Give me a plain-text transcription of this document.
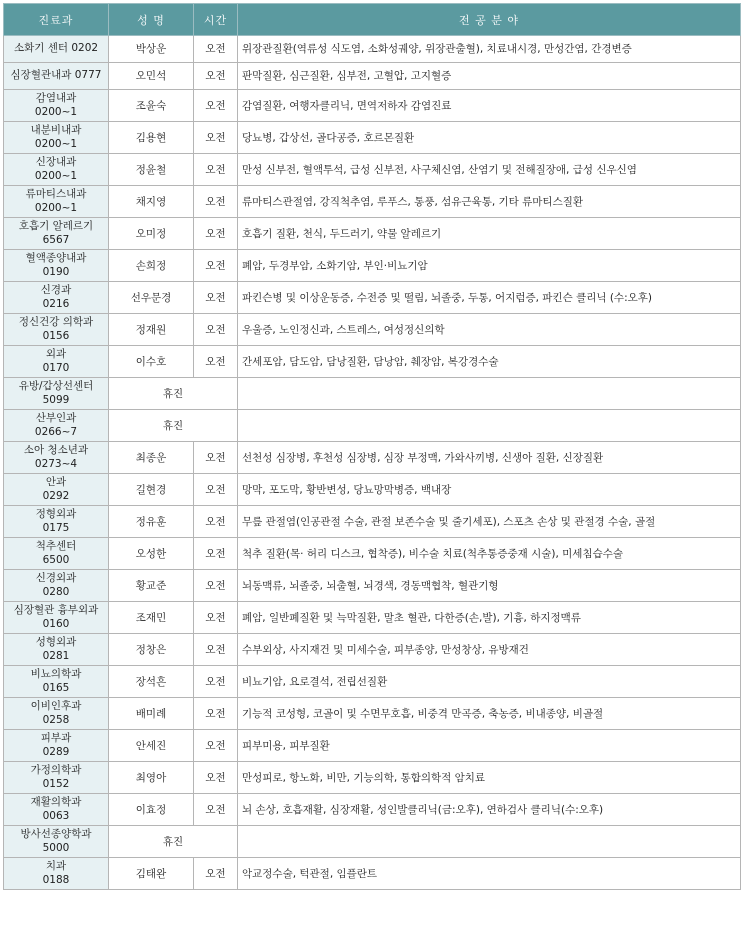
진료과	성 명	시간	전 공 분 야

소화기 센터 0202	박상운	오전	위장관질환(역류성 식도염, 소화성궤양, 위장관출혈), 치료내시경, 만성간염, 간경변증

심장혈관내과 0777	오민석	오전	판막질환, 심근질환, 심부전, 고혈압, 고지혈증

감염내과
0200~1	조윤숙	오전	감염질환, 여행자클리닉, 면역저하자 감염진료

내분비내과
0200~1	김용현	오전	당뇨병, 갑상선, 골다공증, 호르몬질환

신장내과
0200~1	정윤철	오전	만성 신부전, 혈액투석, 급성 신부전, 사구체신염, 산염기 및 전해질장애, 급성 신우신염

류마티스내과
0200~1	채지영	오전	류마티스관절염, 강직척추염, 루푸스, 통풍, 섬유근육통, 기타 류마티스질환

호흡기 알레르기
6567	오미정	오전	호흡기 질환, 천식, 두드러기, 약물 알레르기

혈액종양내과
0190	손희정	오전	폐암, 두경부암, 소화기암, 부인·비뇨기암

신경과
0216	선우문경	오전	파킨슨병 및 이상운동증, 수전증 및 떨림, 뇌졸중, 두통, 어지럼증, 파킨슨 클리닉 (수:오후)

정신건강 의학과
0156	정재원	오전	우울증, 노인정신과, 스트레스, 여성정신의학

외과
0170	이수호	오전	간세포암, 담도암, 담낭질환, 담낭암, 췌장암, 복강경수술

유방/갑상선센터
5099	휴진		

산부인과
0266~7	휴진		

소아 청소년과
0273~4	최종운	오전	선천성 심장병, 후천성 심장병, 심장 부정맥, 가와사끼병, 신생아 질환, 신장질환

안과
0292	길현경	오전	망막, 포도막, 황반변성, 당뇨망막병증, 백내장

정형외과
0175	정유훈	오전	무릎 관절염(인공관절 수술, 관절 보존수술 및 줄기세포), 스포츠 손상 및 관절경 수술, 골절

척추센터
6500	오성한	오전	척추 질환(목· 허리 디스크, 협착증), 비수술 치료(척추통증중재 시술), 미세침습수술

신경외과
0280	황교준	오전	뇌동맥류, 뇌졸중, 뇌출혈, 뇌경색, 경동맥협착, 혈관기형

심장혈관 흉부외과
0160	조재민	오전	폐암, 일반폐질환 및 늑막질환, 말초 혈관, 다한증(손,발), 기흉, 하지정맥류

성형외과
0281	정창은	오전	수부외상, 사지재건 및 미세수술, 피부종양, 만성창상, 유방재건

비뇨의학과
0165	장석흔	오전	비뇨기암, 요로결석, 전립선질환

이비인후과
0258	배미례	오전	기능적 코성형, 코골이 및 수면무호흡, 비중격 만곡증, 축농증, 비내종양, 비골절

피부과
0289	안세진	오전	피부미용, 피부질환

가정의학과
0152	최영아	오전	만성피로, 항노화, 비만, 기능의학, 통합의학적 암치료

재활의학과
0063	이효정	오전	뇌 손상, 호흡재활, 심장재활, 성인발클리닉(금:오후), 연하검사 클리닉(수:오후)

방사선종양학과
5000	휴진		

치과
0188	김태완	오전	악교정수술, 턱관절, 임플란트
